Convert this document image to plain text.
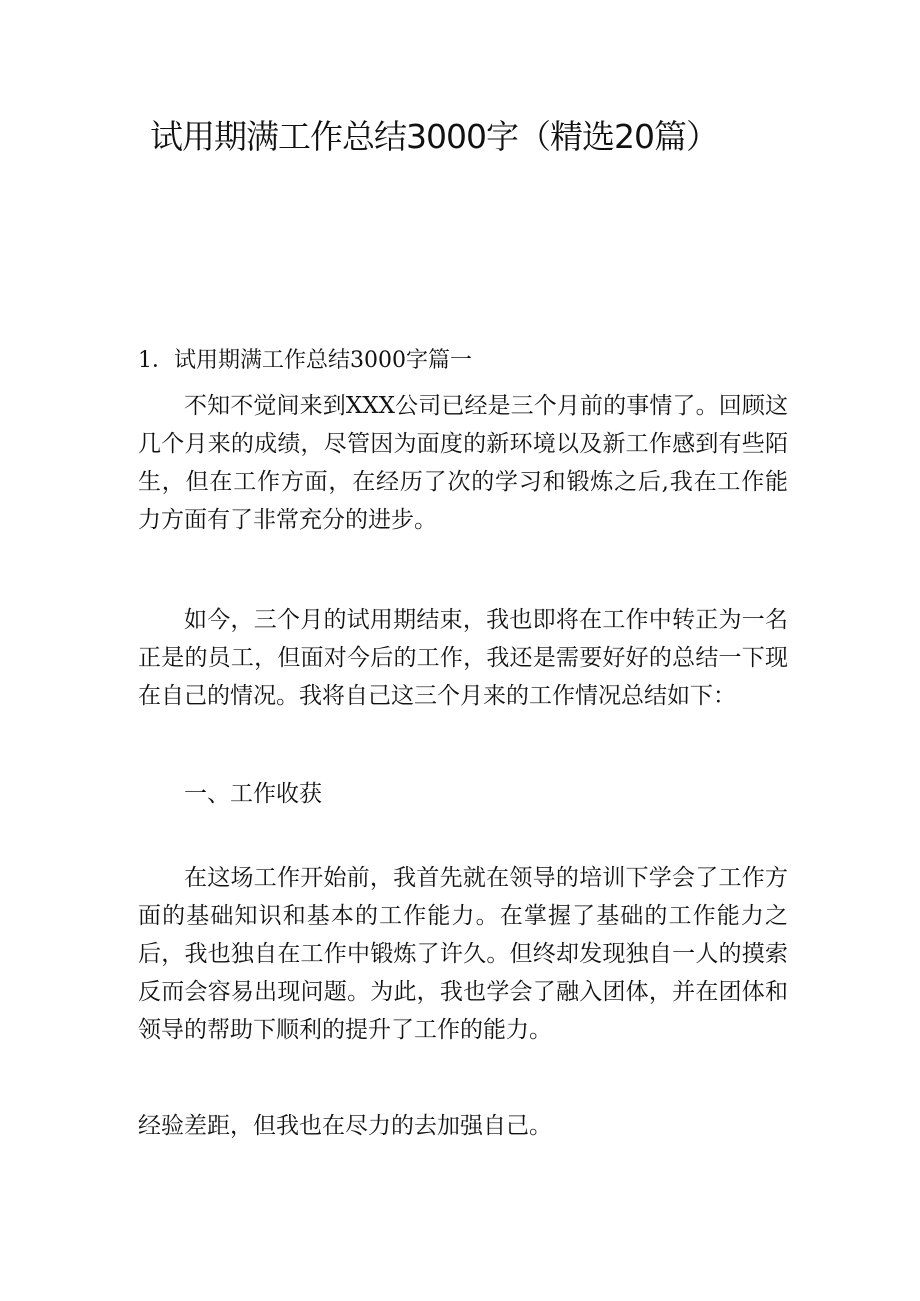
试用期满工作总结3000字（精选20篇）
1．试用期满工作总结3000字篇一

不知不觉间来到XXX公司已经是三个月前的事情了。回顾这几个月来的成绩，尽管因为面度的新环境以及新工作感到有些陌生，但在工作方面，在经历了次的学习和锻炼之后,我在工作能力方面有了非常充分的进步。

如今，三个月的试用期结束，我也即将在工作中转正为一名正是的员工，但面对今后的工作，我还是需要好好的总结一下现在自己的情况。我将自己这三个月来的工作情况总结如下：

一、工作收获

在这场工作开始前，我首先就在领导的培训下学会了工作方面的基础知识和基本的工作能力。在掌握了基础的工作能力之后，我也独自在工作中锻炼了许久。但终却发现独自一人的摸索反而会容易出现问题。为此，我也学会了融入团体，并在团体和领导的帮助下顺利的提升了工作的能力。

经验差距，但我也在尽力的去加强自己。
